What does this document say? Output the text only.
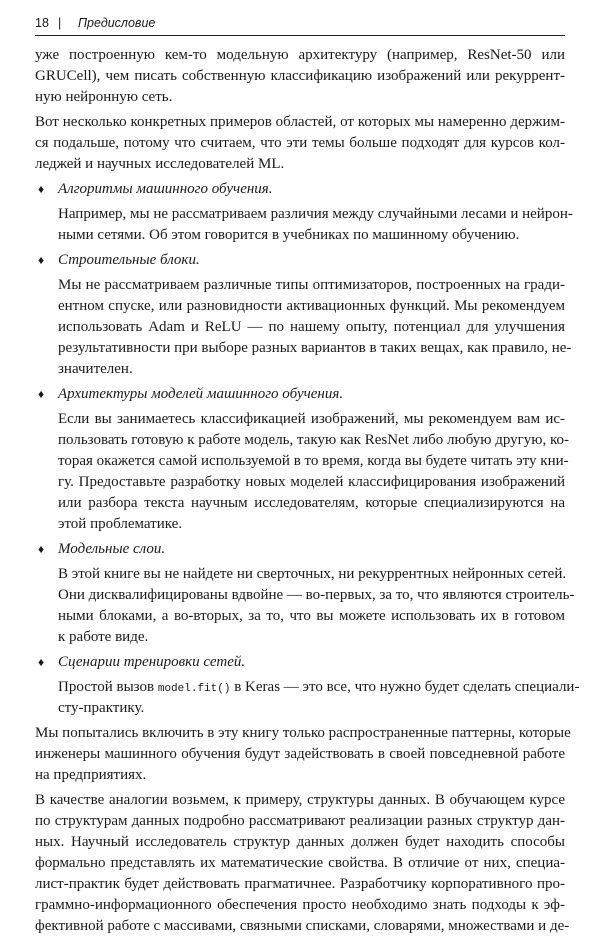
18 | Предисловие
уже построенную кем-то модельную архитектуру (например, ResNet-50 или
GRUCell), чем писать собственную классификацию изображений или рекуррент-
ную нейронную сеть.
Вот несколько конкретных примеров областей, от которых мы намеренно держим-
ся подальше, потому что считаем, что эти темы больше подходят для курсов кол-
леджей и научных исследователей ML.
♦ Алгоритмы машинного обучения.
Например, мы не рассматриваем различия между случайными лесами и нейрон-
ными сетями. Об этом говорится в учебниках по машинному обучению.
♦ Строительные блоки.
Мы не рассматриваем различные типы оптимизаторов, построенных на гради-
ентном спуске, или разновидности активационных функций. Мы рекомендуем
использовать Adam и ReLU — по нашему опыту, потенциал для улучшения
результативности при выборе разных вариантов в таких вещах, как правило, не-
значителен.
♦ Архитектуры моделей машинного обучения.
Если вы занимаетесь классификацией изображений, мы рекомендуем вам ис-
пользовать готовую к работе модель, такую как ResNet либо любую другую, ко-
торая окажется самой используемой в то время, когда вы будете читать эту кни-
гу. Предоставьте разработку новых моделей классифицирования изображений
или разбора текста научным исследователям, которые специализируются на
этой проблематике.
♦ Модельные слои.
В этой книге вы не найдете ни сверточных, ни рекуррентных нейронных сетей.
Они дисквалифицированы вдвойне — во-первых, за то, что являются строитель-
ными блоками, а во-вторых, за то, что вы можете использовать их в готовом
к работе виде.
♦ Сценарии тренировки сетей.
Простой вызов model.fit() в Keras — это все, что нужно будет сделать специали-
сту-практику.
Мы попытались включить в эту книгу только распространенные паттерны, которые
инженеры машинного обучения будут задействовать в своей повседневной работе
на предприятиях.
В качестве аналогии возьмем, к примеру, структуры данных. В обучающем курсе
по структурам данных подробно рассматривают реализации разных структур дан-
ных. Научный исследователь структур данных должен будет находить способы
формально представлять их математические свойства. В отличие от них, специа-
лист-практик будет действовать прагматичнее. Разработчику корпоративного про-
граммно-информационного обеспечения просто необходимо знать подходы к эф-
фективной работе с массивами, связными списками, словарями, множествами и де-
